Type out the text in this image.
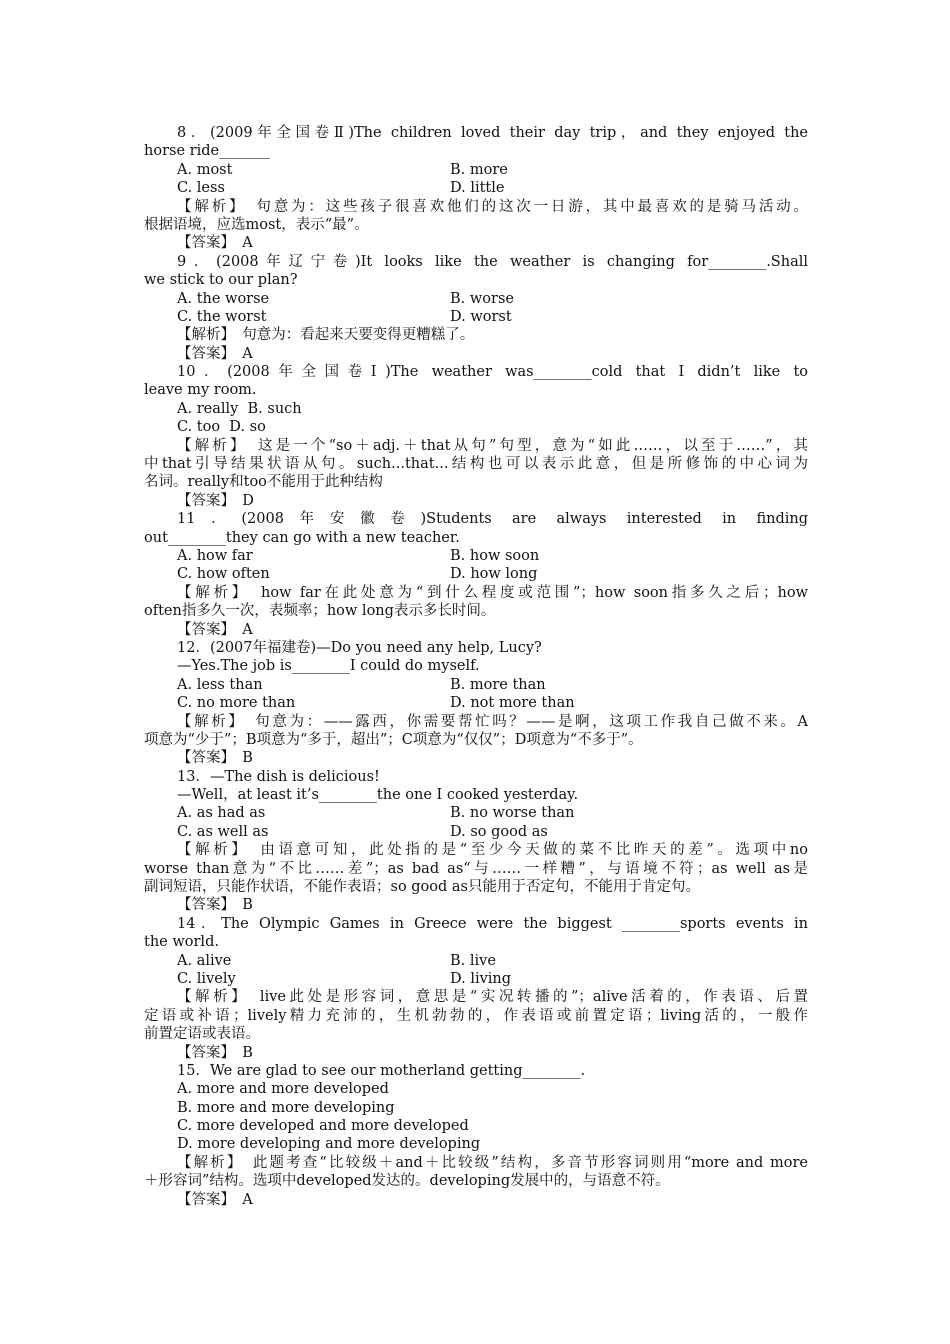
8．(2009年全国卷Ⅱ)The children loved their day trip，and they enjoyed the
horse ride_______
A. most	B. more
C. less	D. little
【解析】　句意为：这些孩子很喜欢他们的这次一日游，其中最喜欢的是骑马活动。
根据语境，应选most，表示“最”。
【答案】　A
9．(2008年辽宁卷)It looks like the weather is changing for________.Shall
we stick to our plan?
A. the worse	B. worse
C. the worst	D. worst
【解析】　句意为：看起来天要变得更糟糕了。
【答案】　A
10．(2008年全国卷Ⅰ)The weather was________cold that I didn’t like to
leave my room.
A. really  B. such
C. too  D. so
【解析】　这是一个“so＋adj.＋that从句”句型，意为“如此……，以至于……”，其
中that引导结果状语从句。such...that...结构也可以表示此意，但是所修饰的中心词为
名词。really和too不能用于此种结构
【答案】　D
11．(2008年安徽卷)Students are always interested in finding
out________they can go with a new teacher.
A. how far	B. how soon
C. how often	D. how long
【解析】　how far在此处意为“到什么程度或范围”；how soon指多久之后；how
often指多久一次，表频率；how long表示多长时间。
【答案】　A
12．(2007年福建卷)—Do you need any help, Lucy?
—Yes.The job is________I could do myself.
A. less than	B. more than
C. no more than	D. not more than
【解析】　句意为：——露西，你需要帮忙吗？——是啊，这项工作我自己做不来。A
项意为“少于”；B项意为“多于，超出”；C项意为“仅仅”；D项意为“不多于”。
【答案】　B
13．—The dish is delicious!
—Well，at least it’s________the one I cooked yesterday.
A. as had as	B. no worse than
C. as well as	D. so good as
【解析】　由语意可知，此处指的是“至少今天做的菜不比昨天的差”。选项中no
worse than意为“不比……差”；as bad as“与……一样糟”，与语境不符；as well as是
副词短语，只能作状语，不能作表语；so good as只能用于否定句，不能用于肯定句。
【答案】　B
14．The Olympic Games in Greece were the biggest ________sports events in
the world.
A. alive	B. live
C. lively	D. living
【解析】　live此处是形容词，意思是“实况转播的”；alive活着的，作表语、后置
定语或补语；lively精力充沛的，生机勃勃的，作表语或前置定语；living活的，一般作
前置定语或表语。
【答案】　B
15．We are glad to see our motherland getting________.
A. more and more developed
B. more and more developing
C. more developed and more developed
D. more developing and more developing
【解析】　此题考查“比较级＋and＋比较级”结构，多音节形容词则用“more and more
＋形容词”结构。选项中developed发达的。developing发展中的，与语意不符。
【答案】　A
